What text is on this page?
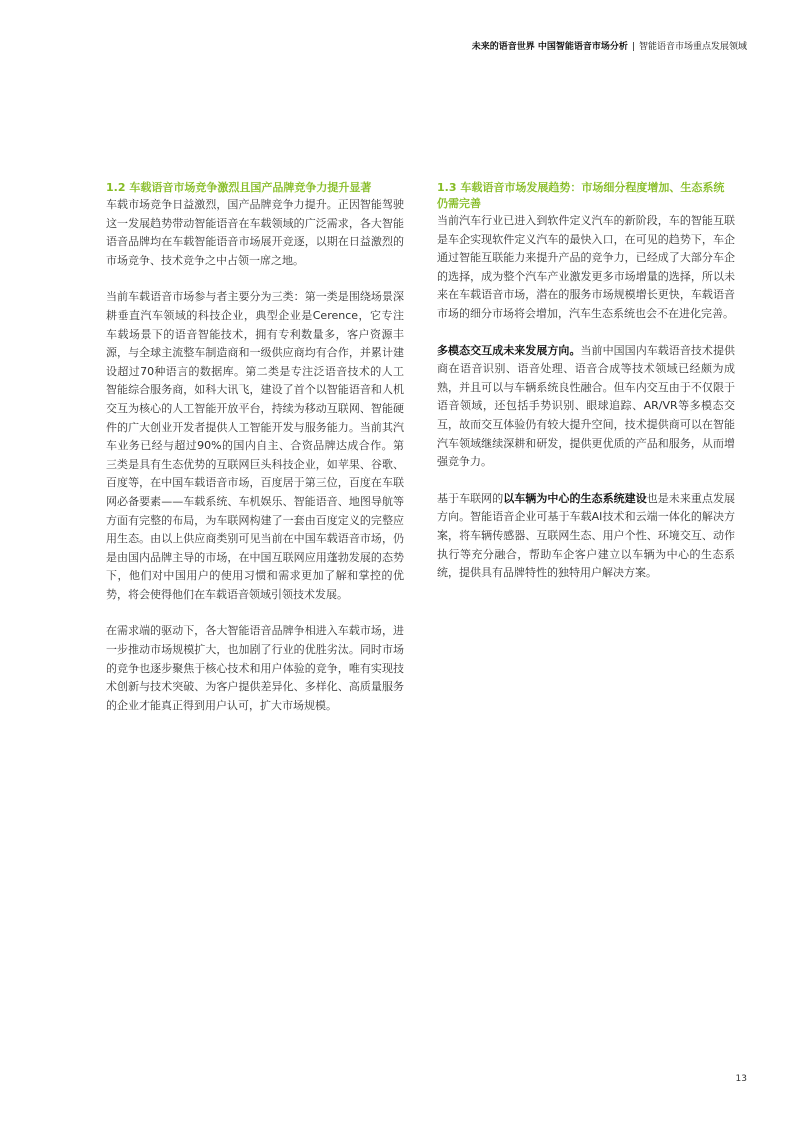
未来的语音世界 中国智能语音市场分析 | 智能语音市场重点发展领域
1.2 车载语音市场竞争激烈且国产品牌竞争力提升显著

车载市场竞争日益激烈，国产品牌竞争力提升。正因智能驾驶这一发展趋势带动智能语音在车载领域的广泛需求，各大智能语音品牌均在车载智能语音市场展开竞逐，以期在日益激烈的市场竞争、技术竞争之中占领一席之地。

当前车载语音市场参与者主要分为三类：第一类是围绕场景深耕垂直汽车领域的科技企业，典型企业是Cerence，它专注车载场景下的语音智能技术，拥有专利数量多，客户资源丰源，与全球主流整车制造商和一级供应商均有合作，并累计建设超过70种语言的数据库。第二类是专注泛语音技术的人工智能综合服务商，如科大讯飞，建设了首个以智能语音和人机交互为核心的人工智能开放平台，持续为移动互联网、智能硬件的广大创业开发者提供人工智能开发与服务能力。当前其汽车业务已经与超过90%的国内自主、合资品牌达成合作。第三类是具有生态优势的互联网巨头科技企业，如苹果、谷歌、百度等，在中国车载语音市场，百度居于第三位，百度在车联网必备要素——车载系统、车机娱乐、智能语音、地图导航等方面有完整的布局，为车联网构建了一套由百度定义的完整应用生态。由以上供应商类别可见当前在中国车载语音市场，仍是由国内品牌主导的市场，在中国互联网应用蓬勃发展的态势下，他们对中国用户的使用习惯和需求更加了解和掌控的优势，将会使得他们在车载语音领域引领技术发展。

在需求端的驱动下，各大智能语音品牌争相进入车载市场，进一步推动市场规模扩大，也加剧了行业的优胜劣汰。同时市场的竞争也逐步聚焦于核心技术和用户体验的竞争，唯有实现技术创新与技术突破、为客户提供差异化、多样化、高质量服务的企业才能真正得到用户认可，扩大市场规模。

1.3 车载语音市场发展趋势：市场细分程度增加、生态系统仍需完善

当前汽车行业已进入到软件定义汽车的新阶段，车的智能互联是车企实现软件定义汽车的最快入口，在可见的趋势下，车企通过智能互联能力来提升产品的竞争力，已经成了大部分车企的选择，成为整个汽车产业激发更多市场增量的选择，所以未来在车载语音市场，潜在的服务市场规模增长更快，车载语音市场的细分市场将会增加，汽车生态系统也会不在进化完善。

多模态交互成未来发展方向。当前中国国内车载语音技术提供商在语音识别、语音处理、语音合成等技术领域已经颇为成熟，并且可以与车辆系统良性融合。但车内交互由于不仅限于语音领域，还包括手势识别、眼球追踪、AR/VR等多模态交互，故而交互体验仍有较大提升空间，技术提供商可以在智能汽车领域继续深耕和研发，提供更优质的产品和服务，从而增强竞争力。

基于车联网的以车辆为中心的生态系统建设也是未来重点发展方向。智能语音企业可基于车载AI技术和云端一体化的解决方案，将车辆传感器、互联网生态、用户个性、环境交互、动作执行等充分融合，帮助车企客户建立以车辆为中心的生态系统，提供具有品牌特性的独特用户解决方案。

13
